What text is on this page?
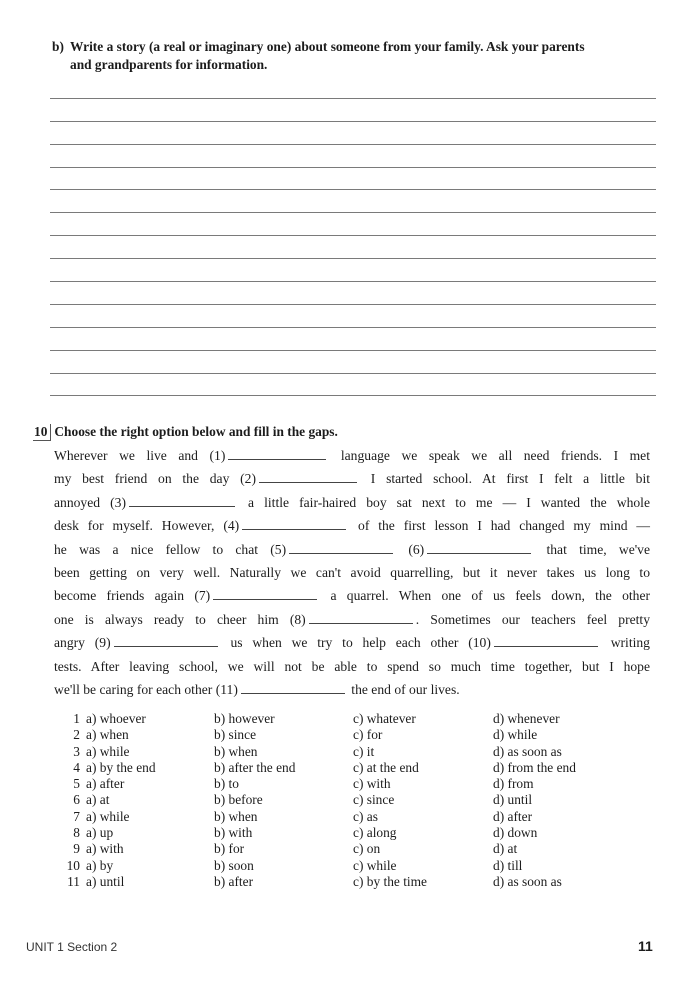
b) Write a story (a real or imaginary one) about someone from your family. Ask your parents
and grandparents for information.
10 Choose the right option below and fill in the gaps.
Wherever we live and (1)	language we speak we all need friends. I met
my best friend on the day (2)	I started school. At first I felt a little bit
annoyed (3)	a little fair-haired boy sat next to me — I wanted the whole
desk for myself. However, (4)	of the first lesson I had changed my mind —
he was a nice fellow to chat (5)	(6)	that time, we've
been getting on very well. Naturally we can't avoid quarrelling, but it never takes us long to
become friends again (7)	a quarrel. When one of us feels down, the other
one is always ready to cheer him (8)	. Sometimes our teachers feel pretty
angry (9)	us when we try to help each other (10)	writing
tests. After leaving school, we will not be able to spend so much time together, but I hope
we'll be caring for each other (11)	the end of our lives.
1	a) whoever	b) however	c) whatever	d) whenever
2	a) when	b) since	c) for	d) while
3	a) while	b) when	c) it	d) as soon as
4	a) by the end	b) after the end	c) at the end	d) from the end
5	a) after	b) to	c) with	d) from
6	a) at	b) before	c) since	d) until
7	a) while	b) when	c) as	d) after
8	a) up	b) with	c) along	d) down
9	a) with	b) for	c) on	d) at
10	a) by	b) soon	c) while	d) till
11	a) until	b) after	c) by the time	d) as soon as
UNIT 1 Section 2	11
